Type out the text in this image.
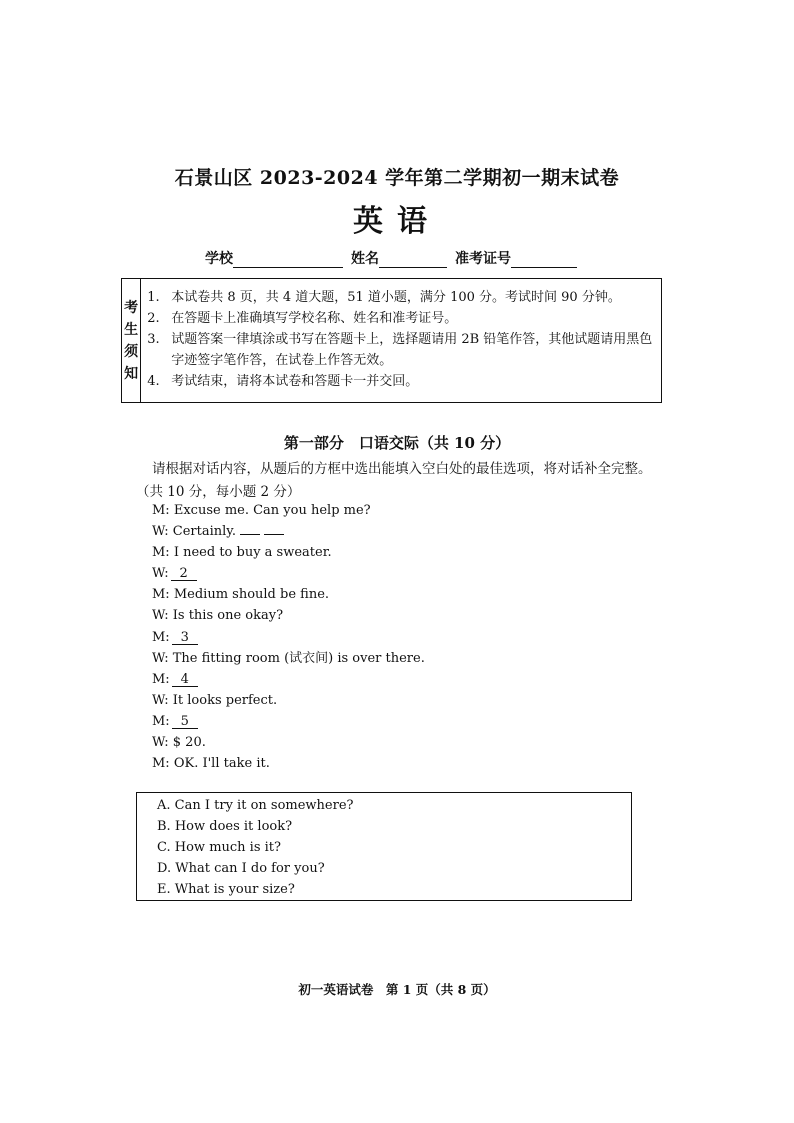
石景山区 2023-2024 学年第二学期初一期末试卷
英语
学校	姓名	准考证号
考
生
须
知
1. 本试卷共 8 页，共 4 道大题，51 道小题，满分 100 分。考试时间 90 分钟。
2. 在答题卡上准确填写学校名称、姓名和准考证号。
3. 试题答案一律填涂或书写在答题卡上，选择题请用 2B 铅笔作答，其他试题请用黑色字迹签字笔作答，在试卷上作答无效。
4. 考试结束，请将本试卷和答题卡一并交回。
第一部分　口语交际（共 10 分）
请根据对话内容，从题后的方框中选出能填入空白处的最佳选项，将对话补全完整。
（共 10 分，每小题 2 分）
M: Excuse me. Can you help me?
W: Certainly.
M: I need to buy a sweater.
W: 2
M: Medium should be fine.
W: Is this one okay?
M: 3
W: The fitting room (试衣间) is over there.
M: 4
W: It looks perfect.
M: 5
W: $ 20.
M: OK. I'll take it.
A. Can I try it on somewhere?
B. How does it look?
C. How much is it?
D. What can I do for you?
E. What is your size?
初一英语试卷　第 1 页（共 8 页）
